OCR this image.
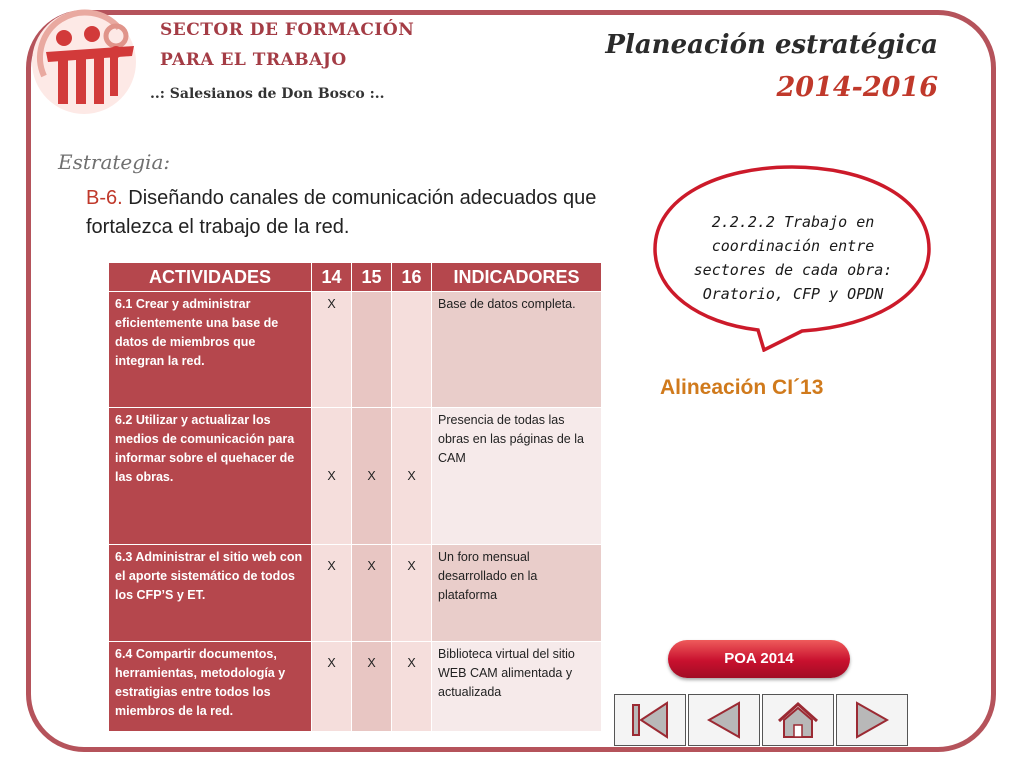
SECTOR DE FORMACIÓN
PARA EL TRABAJO
..: Salesianos de Don Bosco :..
Planeación estratégica
2014-2016
Estrategia:
B-6. Diseñando canales de comunicación adecuados que fortalezca el trabajo de la red.
ACTIVIDADES	14	15	16	INDICADORES
6.1 Crear y administrar eficientemente una base de datos de miembros que integran la red.	X			Base de datos completa.
6.2 Utilizar y actualizar los medios de comunicación para informar sobre el quehacer de las obras.	X	X	X	Presencia de todas las obras en las páginas de la CAM
6.3 Administrar el sitio web con el aporte sistemático de todos los CFP’S y ET.	X	X	X	Un foro mensual desarrollado en la plataforma
6.4 Compartir documentos, herramientas, metodología y estratigias entre todos los miembros de la red.	X	X	X	Biblioteca virtual del sitio WEB CAM alimentada y actualizada
2.2.2.2 Trabajo en coordinación entre sectores de cada obra: Oratorio, CFP y OPDN
Alineación CI´13
POA 2014
